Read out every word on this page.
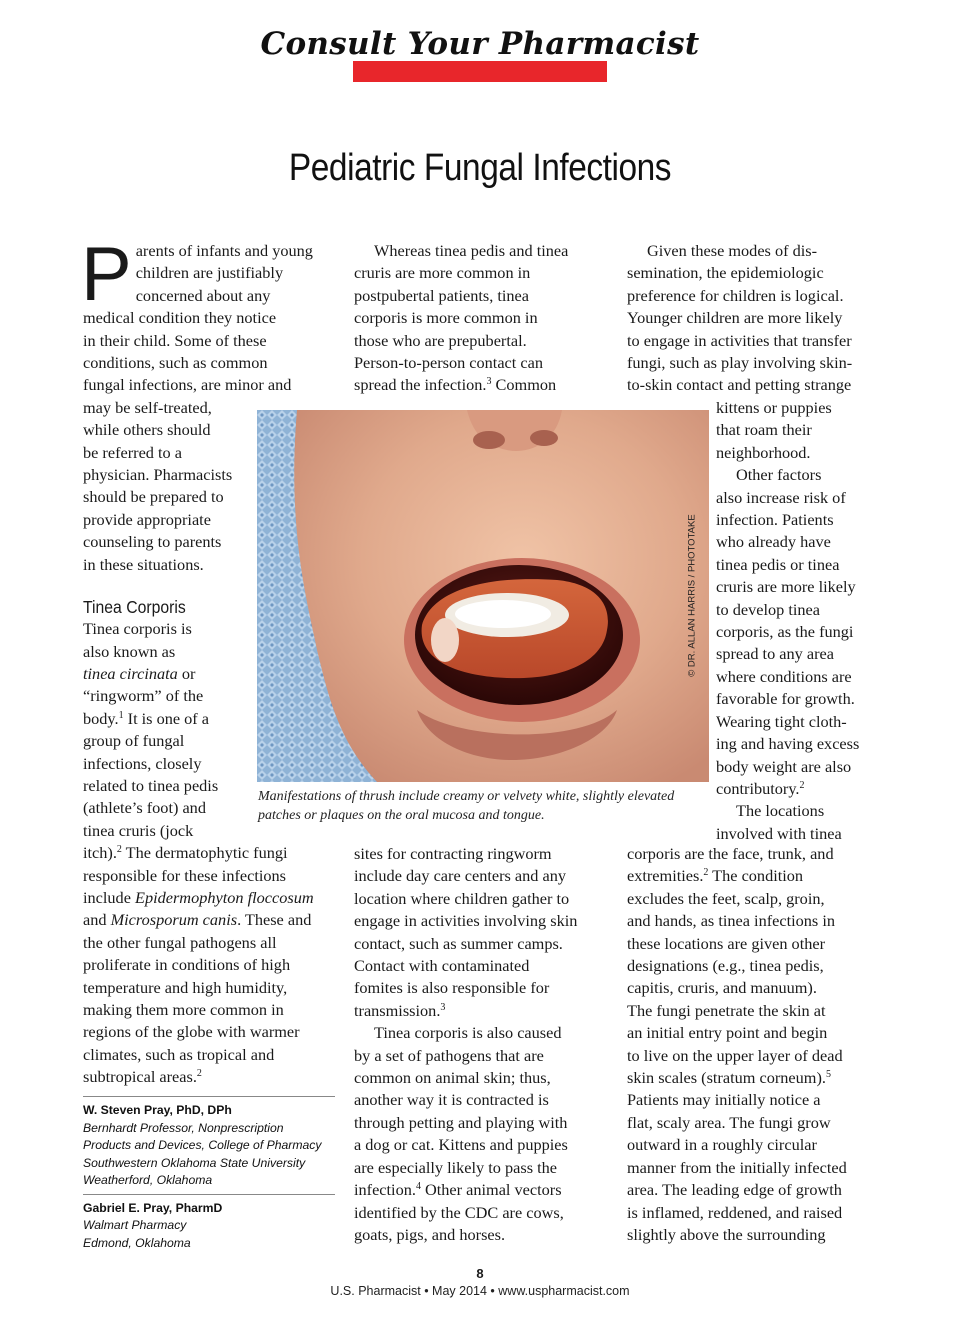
Consult Your Pharmacist
Pediatric Fungal Infections
P arents of infants and young
children are justifiably
concerned about any
medical condition they notice
in their child. Some of these
conditions, such as common
fungal infections, are minor and
may be self-treated,
while others should
be referred to a
physician. Pharmacists
should be prepared to
provide appropriate
counseling to parents
in these situations.
Tinea Corporis
Tinea corporis is
also known as
tinea circinata or
“ringworm” of the
body.$^1$ It is one of a
group of fungal
infections, closely
related to tinea pedis
(athlete’s foot) and
tinea cruris (jock
itch).$^2$ The dermatophytic fungi
responsible for these infections
include Epidermophyton floccosum
and Microsporum canis. These and
the other fungal pathogens all
proliferate in conditions of high
temperature and high humidity,
making them more common in
regions of the globe with warmer
climates, such as tropical and
subtropical areas.$^2$
W. Steven Pray, PhD, DPh
Bernhardt Professor, Nonprescription
Products and Devices, College of Pharmacy
Southwestern Oklahoma State University
Weatherford, Oklahoma
Gabriel E. Pray, PharmD
Walmart Pharmacy
Edmond, Oklahoma
Whereas tinea pedis and tinea
cruris are more common in
postpubertal patients, tinea
corporis is more common in
those who are prepubertal.
Person-to-person contact can
spread the infection.$^3$ Common
© DR. ALLAN HARRIS / PHOTOTAKE
Manifestations of thrush include creamy or velvety white, slightly elevated
patches or plaques on the oral mucosa and tongue.
sites for contracting ringworm
include day care centers and any
location where children gather to
engage in activities involving skin
contact, such as summer camps.
Contact with contaminated
fomites is also responsible for
transmission.$^3$
Tinea corporis is also caused
by a set of pathogens that are
common on animal skin; thus,
another way it is contracted is
through petting and playing with
a dog or cat. Kittens and puppies
are especially likely to pass the
infection.$^4$ Other animal vectors
identified by the CDC are cows,
goats, pigs, and horses.
Given these modes of dis-
semination, the epidemiologic
preference for children is logical.
Younger children are more likely
to engage in activities that transfer
fungi, such as play involving skin-
to-skin contact and petting strange
kittens or puppies
that roam their
neighborhood.
Other factors
also increase risk of
infection. Patients
who already have
tinea pedis or tinea
cruris are more likely
to develop tinea
corporis, as the fungi
spread to any area
where conditions are
favorable for growth.
Wearing tight cloth-
ing and having excess
body weight are also
contributory.$^2$
The locations
involved with tinea
corporis are the face, trunk, and
extremities.$^2$ The condition
excludes the feet, scalp, groin,
and hands, as tinea infections in
these locations are given other
designations (e.g., tinea pedis,
capitis, cruris, and manuum).
The fungi penetrate the skin at
an initial entry point and begin
to live on the upper layer of dead
skin scales (stratum corneum).$^5$
Patients may initially notice a
flat, scaly area. The fungi grow
outward in a roughly circular
manner from the initially infected
area. The leading edge of growth
is inflamed, reddened, and raised
slightly above the surrounding
8
U.S. Pharmacist • May 2014 • www.uspharmacist.com
